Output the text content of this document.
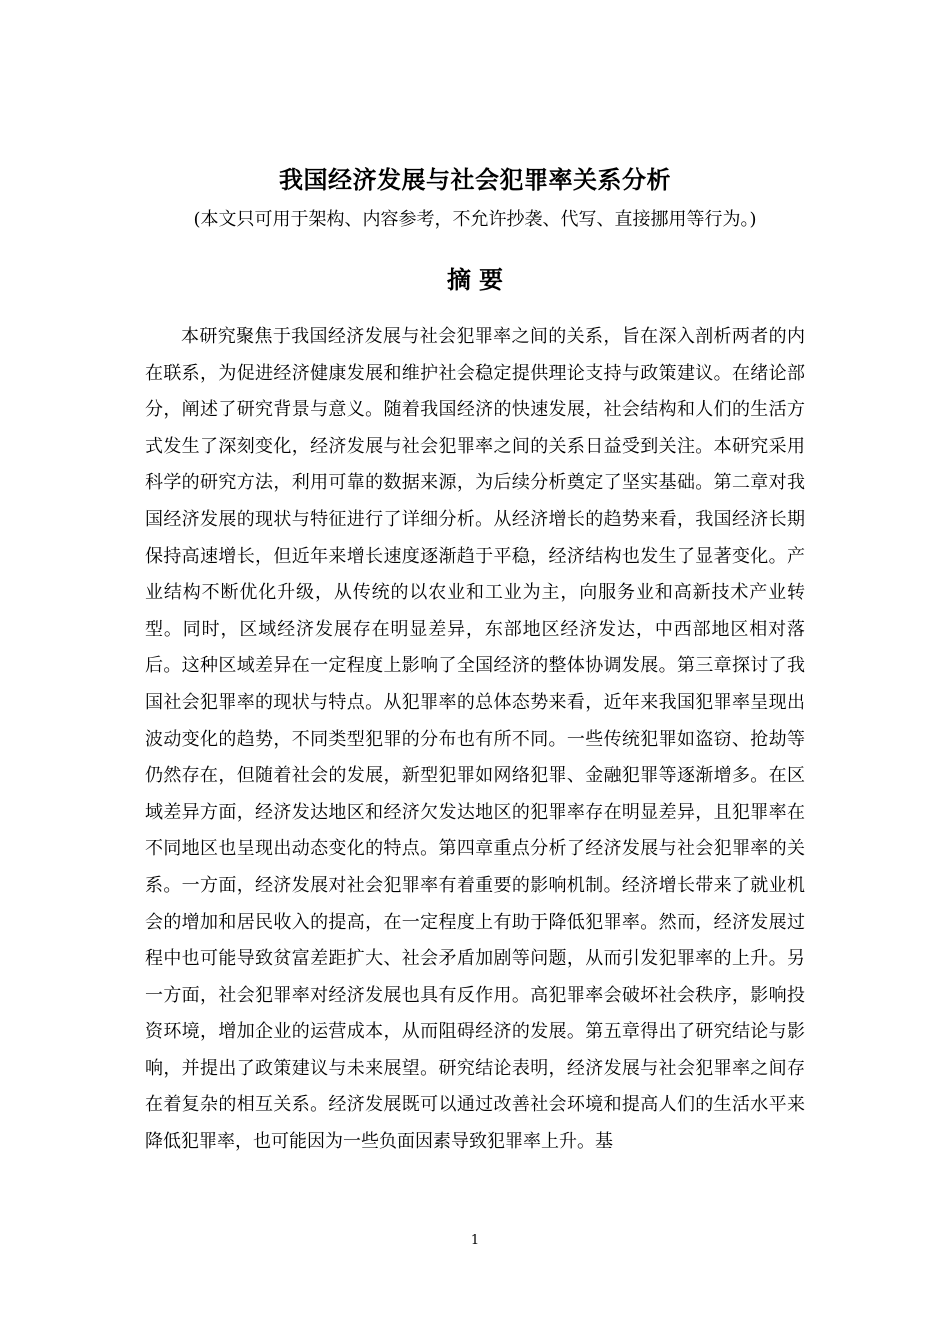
我国经济发展与社会犯罪率关系分析
(本文只可用于架构、内容参考，不允许抄袭、代写、直接挪用等行为。)
摘要

本研究聚焦于我国经济发展与社会犯罪率之间的关系，旨在深入剖析两者的内在联系，为促进经济健康发展和维护社会稳定提供理论支持与政策建议。在绪论部分，阐述了研究背景与意义。随着我国经济的快速发展，社会结构和人们的生活方式发生了深刻变化，经济发展与社会犯罪率之间的关系日益受到关注。本研究采用科学的研究方法，利用可靠的数据来源，为后续分析奠定了坚实基础。第二章对我国经济发展的现状与特征进行了详细分析。从经济增长的趋势来看，我国经济长期保持高速增长，但近年来增长速度逐渐趋于平稳，经济结构也发生了显著变化。产业结构不断优化升级，从传统的以农业和工业为主，向服务业和高新技术产业转型。同时，区域经济发展存在明显差异，东部地区经济发达，中西部地区相对落后。这种区域差异在一定程度上影响了全国经济的整体协调发展。第三章探讨了我国社会犯罪率的现状与特点。从犯罪率的总体态势来看，近年来我国犯罪率呈现出波动变化的趋势，不同类型犯罪的分布也有所不同。一些传统犯罪如盗窃、抢劫等仍然存在，但随着社会的发展，新型犯罪如网络犯罪、金融犯罪等逐渐增多。在区域差异方面，经济发达地区和经济欠发达地区的犯罪率存在明显差异，且犯罪率在不同地区也呈现出动态变化的特点。第四章重点分析了经济发展与社会犯罪率的关系。一方面，经济发展对社会犯罪率有着重要的影响机制。经济增长带来了就业机会的增加和居民收入的提高，在一定程度上有助于降低犯罪率。然而，经济发展过程中也可能导致贫富差距扩大、社会矛盾加剧等问题，从而引发犯罪率的上升。另一方面，社会犯罪率对经济发展也具有反作用。高犯罪率会破坏社会秩序，影响投资环境，增加企业的运营成本，从而阻碍经济的发展。第五章得出了研究结论与影响，并提出了政策建议与未来展望。研究结论表明，经济发展与社会犯罪率之间存在着复杂的相互关系。经济发展既可以通过改善社会环境和提高人们的生活水平来降低犯罪率，也可能因为一些负面因素导致犯罪率上升。基

1
